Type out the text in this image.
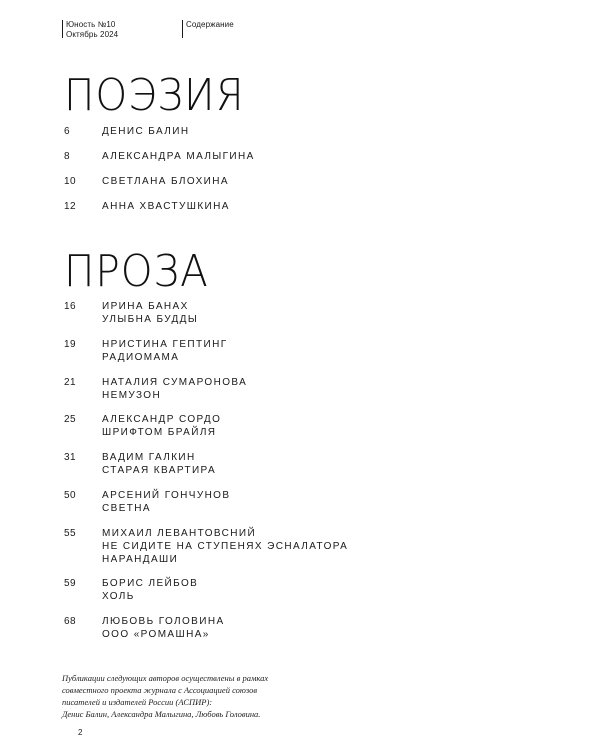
Юность №10
Октябрь 2024
Содержание
ПОЭЗИЯ
6	ДЕНИС БАЛИН
8	АЛЕКСАНДРА МАЛЫГИНА
10	СВЕТЛАНА БЛОХИНА
12	АННА ХВАСТУШКИНА
ПРОЗА
16	ИРИНА БАНАХ
УЛЫБНА БУДДЫ
19	НРИСТИНА ГЕПТИНГ
РАДИОМАМА
21	НАТАЛИЯ СУМАРОНОВА
НЕМУЗОН
25	АЛЕКСАНДР СОРДО
ШРИФТОМ БРАЙЛЯ
31	ВАДИМ ГАЛКИН
СТАРАЯ КВАРТИРА
50	АРСЕНИЙ ГОНЧУНОВ
СВЕТНА
55	МИХАИЛ ЛЕВАНТОВСНИЙ
НЕ СИДИТЕ НА СТУПЕНЯХ ЭСНАЛАТОРА
НАРАНДАШИ
59	БОРИС ЛЕЙБОВ
ХОЛЬ
68	ЛЮБОВЬ ГОЛОВИНА
ООО «РОМАШНА»
Публикации следующих авторов осуществлены в рамках
совместного проекта журнала с Ассоциацией союзов
писателей и издателей России (АСПИР):
Денис Балин, Александра Малыгина, Любовь Головина.
2
